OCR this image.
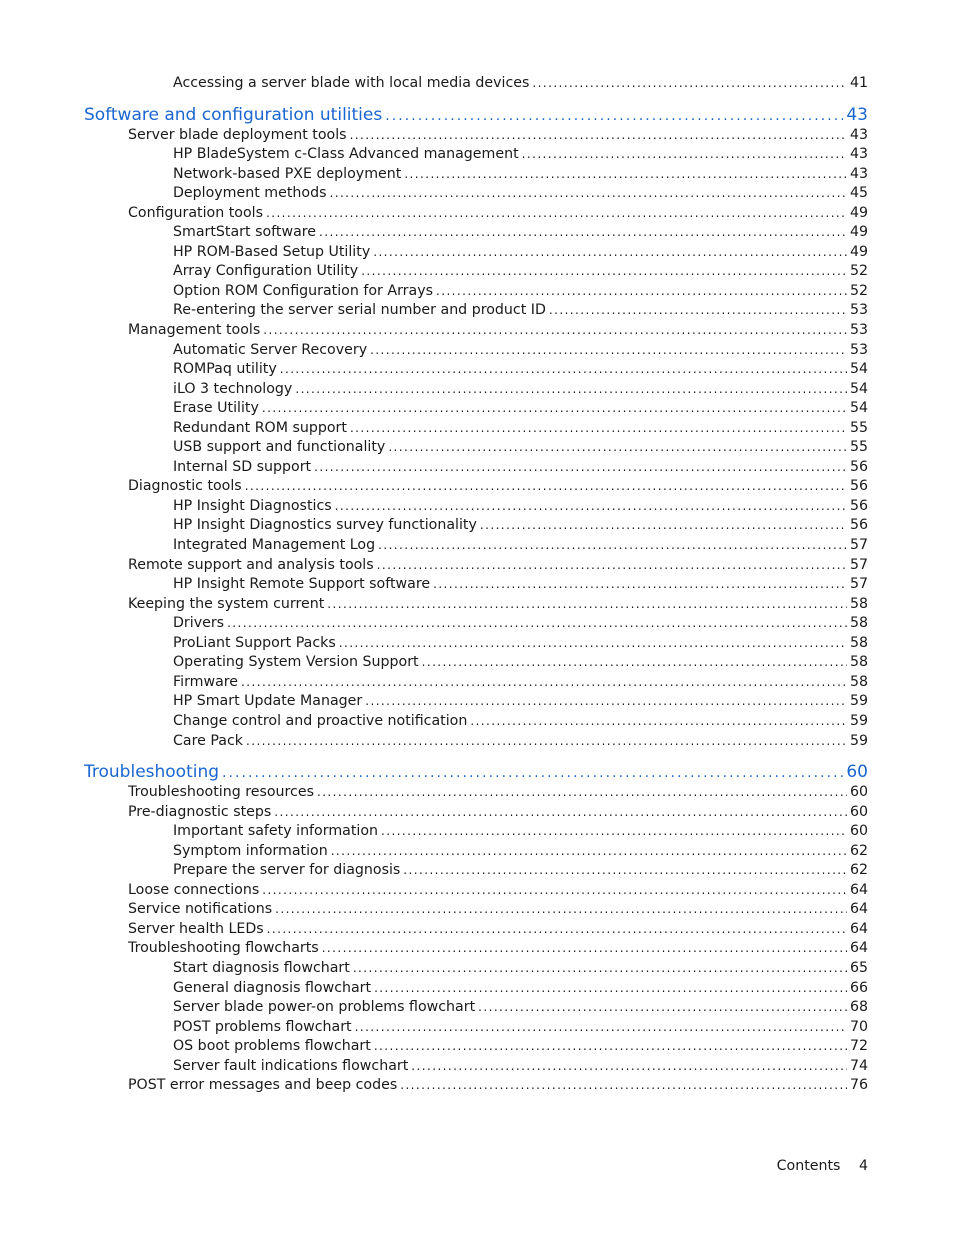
Accessing a server blade with local media devices . . .	41
Software and configuration utilities . . .	43
Server blade deployment tools . . .	43
HP BladeSystem c-Class Advanced management . . .	43
Network-based PXE deployment . . .	43
Deployment methods . . .	45
Configuration tools . . .	49
SmartStart software . . .	49
HP ROM-Based Setup Utility . . .	49
Array Configuration Utility . . .	52
Option ROM Configuration for Arrays . . .	52
Re-entering the server serial number and product ID . . .	53
Management tools . . .	53
Automatic Server Recovery . . .	53
ROMPaq utility . . .	54
iLO 3 technology . . .	54
Erase Utility . . .	54
Redundant ROM support . . .	55
USB support and functionality . . .	55
Internal SD support . . .	56
Diagnostic tools . . .	56
HP Insight Diagnostics . . .	56
HP Insight Diagnostics survey functionality . . .	56
Integrated Management Log . . .	57
Remote support and analysis tools . . .	57
HP Insight Remote Support software . . .	57
Keeping the system current . . .	58
Drivers . . .	58
ProLiant Support Packs . . .	58
Operating System Version Support . . .	58
Firmware . . .	58
HP Smart Update Manager . . .	59
Change control and proactive notification . . .	59
Care Pack . . .	59
Troubleshooting . . .	60
Troubleshooting resources . . .	60
Pre-diagnostic steps . . .	60
Important safety information . . .	60
Symptom information . . .	62
Prepare the server for diagnosis . . .	62
Loose connections . . .	64
Service notifications . . .	64
Server health LEDs . . .	64
Troubleshooting flowcharts . . .	64
Start diagnosis flowchart . . .	65
General diagnosis flowchart . . .	66
Server blade power-on problems flowchart . . .	68
POST problems flowchart . . .	70
OS boot problems flowchart . . .	72
Server fault indications flowchart . . .	74
POST error messages and beep codes . . .	76
Contents 4
